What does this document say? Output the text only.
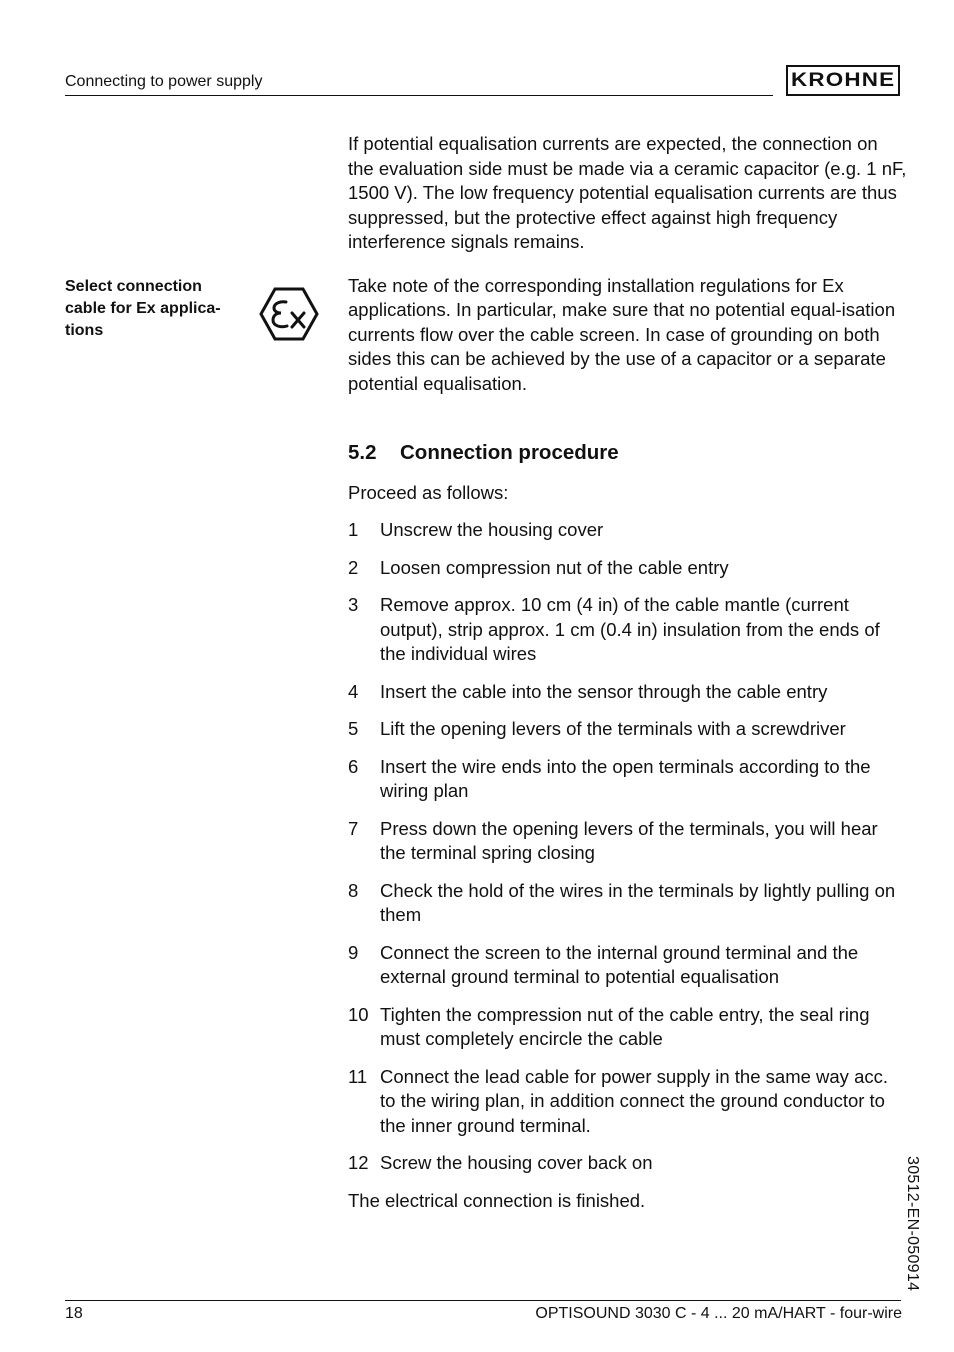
Connecting to power supply	KROHNE
Select connection cable for Ex applica-tions

If potential equalisation currents are expected, the connection on the evaluation side must be made via a ceramic capacitor (e.g. 1 nF, 1500 V). The low frequency potential equalisation currents are thus suppressed, but the protective effect against high frequency interference signals remains.

Take note of the corresponding installation regulations for Ex applications. In particular, make sure that no potential equal-isation currents flow over the cable screen. In case of grounding on both sides this can be achieved by the use of a capacitor or a separate potential equalisation.

5.2	Connection procedure

Proceed as follows:

1	Unscrew the housing cover
2	Loosen compression nut of the cable entry
3	Remove approx. 10 cm (4 in) of the cable mantle (current output), strip approx. 1 cm (0.4 in) insulation from the ends of the individual wires
4	Insert the cable into the sensor through the cable entry
5	Lift the opening levers of the terminals with a screwdriver
6	Insert the wire ends into the open terminals according to the wiring plan
7	Press down the opening levers of the terminals, you will hear the terminal spring closing
8	Check the hold of the wires in the terminals by lightly pulling on them
9	Connect the screen to the internal ground terminal and the external ground terminal to potential equalisation
10 Tighten the compression nut of the cable entry, the seal ring must completely encircle the cable
11 Connect the lead cable for power supply in the same way acc. to the wiring plan, in addition connect the ground conductor to the inner ground terminal.
12 Screw the housing cover back on

The electrical connection is finished.	30512-EN-050914
18	OPTISOUND 3030 C - 4 ... 20 mA/HART - four-wire
